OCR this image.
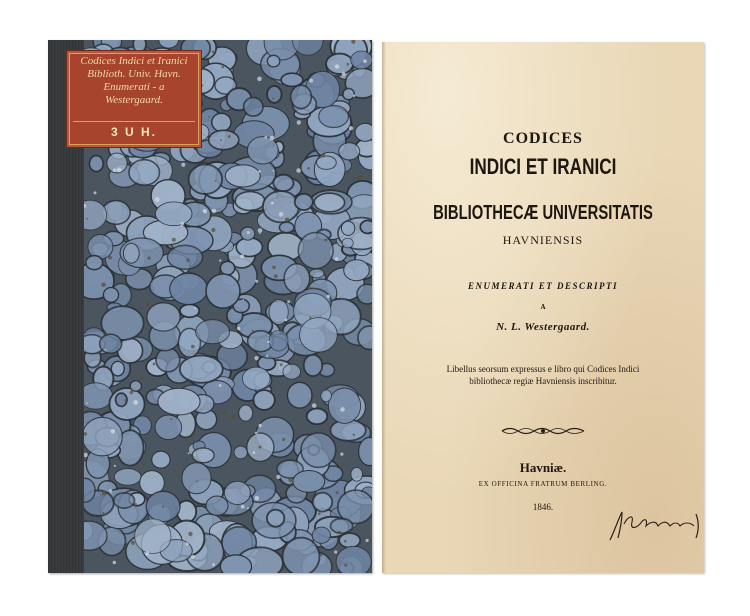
Codices Indici et Iranici
Biblioth. Univ. Havn.
Enumerati - a
Westergaard.
3 U H.	CODICES

INDICI ET IRANICI

BIBLIOTHECÆ UNIVERSITATIS

HAVNIENSIS

ENUMERATI ET DESCRIPTI

A

N. L. Westergaard.

Libellus seorsum expressus e libro qui Codices Indici
bibliothecæ regiæ Havniensis inscribitur.

Havniæ.

EX OFFICINA FRATRUM BERLING.

1846.
